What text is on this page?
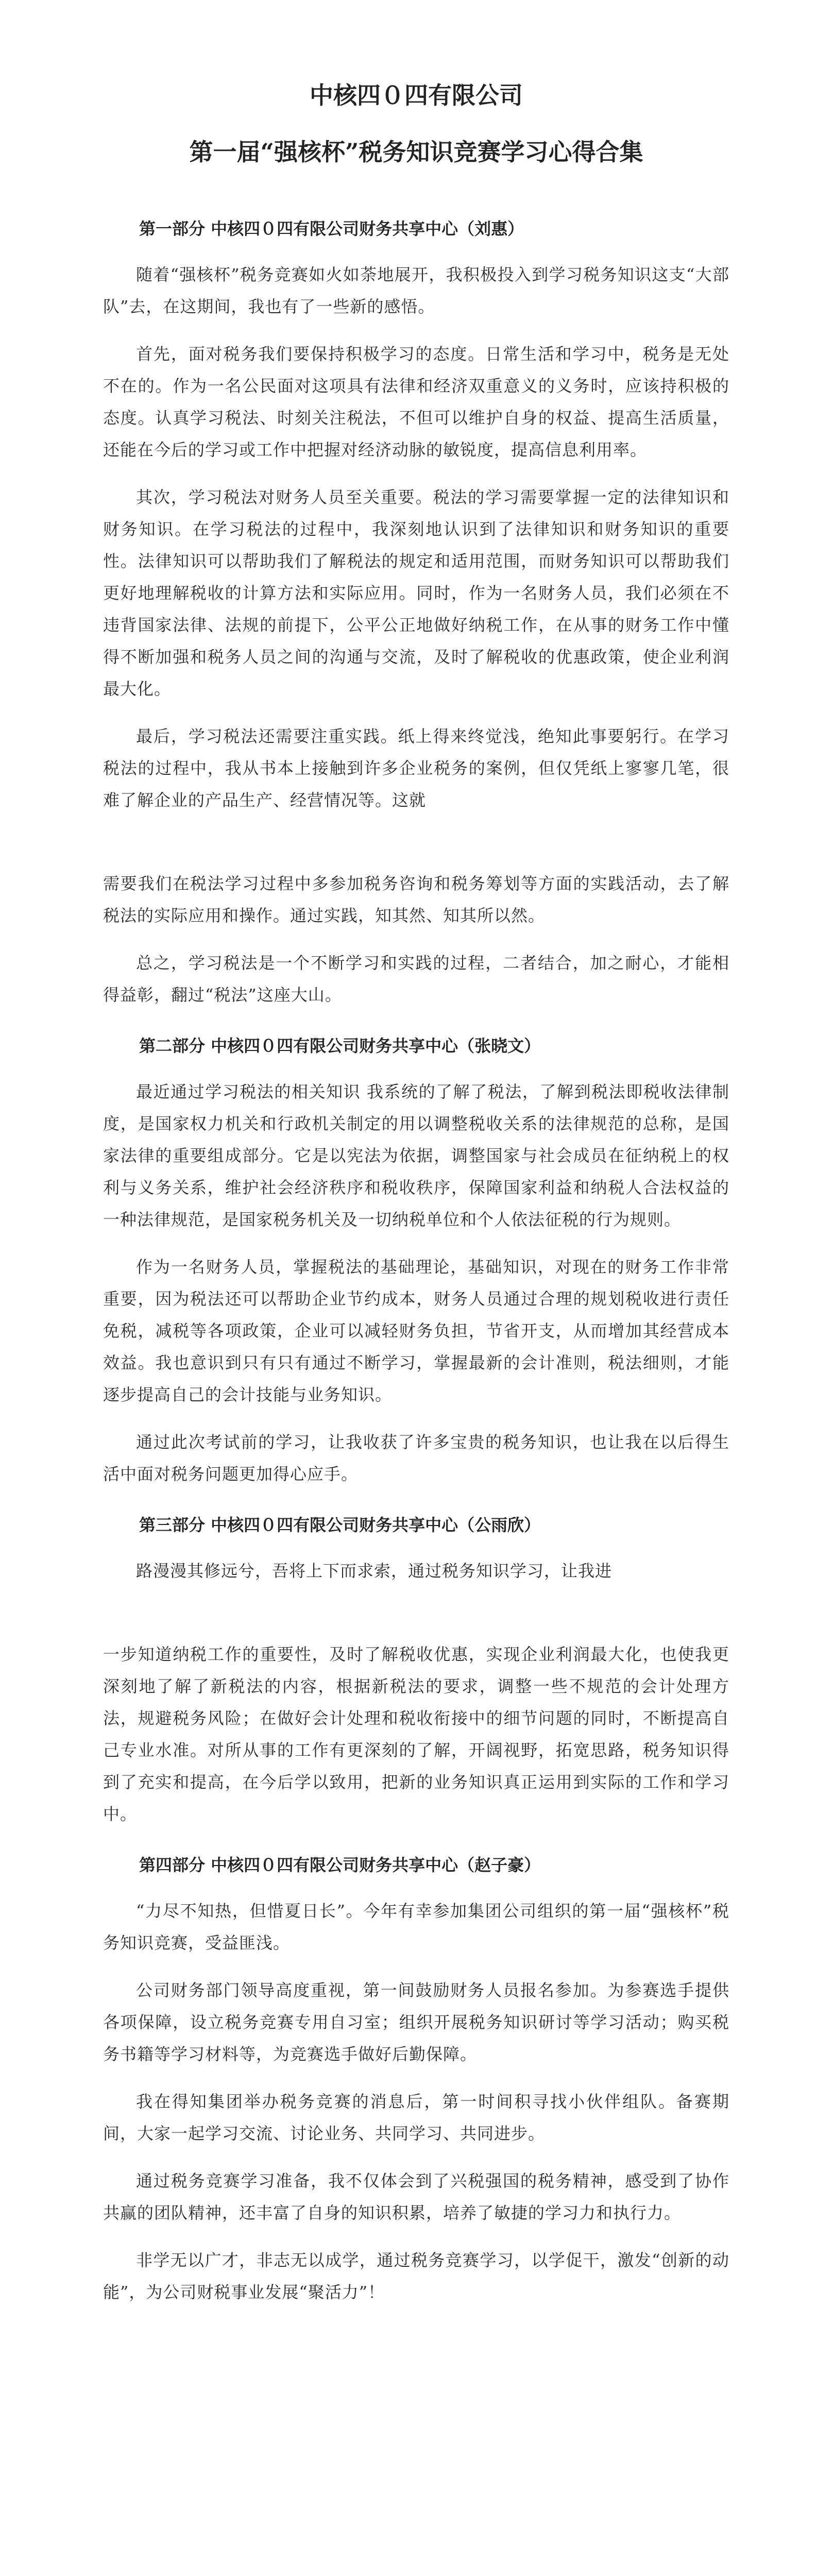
中核四０四有限公司
第一届“强核杯”税务知识竞赛学习心得合集
第一部分 中核四０四有限公司财务共享中心（刘惠）

随着“强核杯”税务竞赛如火如荼地展开，我积极投入到学习税务知识这支“大部队”去，在这期间，我也有了一些新的感悟。

首先，面对税务我们要保持积极学习的态度。日常生活和学习中，税务是无处不在的。作为一名公民面对这项具有法律和经济双重意义的义务时，应该持积极的态度。认真学习税法、时刻关注税法，不但可以维护自身的权益、提高生活质量，还能在今后的学习或工作中把握对经济动脉的敏锐度，提高信息利用率。

其次，学习税法对财务人员至关重要。税法的学习需要掌握一定的法律知识和财务知识。在学习税法的过程中，我深刻地认识到了法律知识和财务知识的重要性。法律知识可以帮助我们了解税法的规定和适用范围，而财务知识可以帮助我们更好地理解税收的计算方法和实际应用。同时，作为一名财务人员，我们必须在不违背国家法律、法规的前提下，公平公正地做好纳税工作，在从事的财务工作中懂得不断加强和税务人员之间的沟通与交流，及时了解税收的优惠政策，使企业利润最大化。

最后，学习税法还需要注重实践。纸上得来终觉浅，绝知此事要躬行。在学习税法的过程中，我从书本上接触到许多企业税务的案例，但仅凭纸上寥寥几笔，很难了解企业的产品生产、经营情况等。这就

需要我们在税法学习过程中多参加税务咨询和税务筹划等方面的实践活动，去了解税法的实际应用和操作。通过实践，知其然、知其所以然。

总之，学习税法是一个不断学习和实践的过程，二者结合，加之耐心，才能相得益彰，翻过“税法”这座大山。

第二部分 中核四０四有限公司财务共享中心（张晓文）

最近通过学习税法的相关知识 我系统的了解了税法，了解到税法即税收法律制度，是国家权力机关和行政机关制定的用以调整税收关系的法律规范的总称，是国家法律的重要组成部分。它是以宪法为依据，调整国家与社会成员在征纳税上的权利与义务关系，维护社会经济秩序和税收秩序，保障国家利益和纳税人合法权益的一种法律规范，是国家税务机关及一切纳税单位和个人依法征税的行为规则。

作为一名财务人员，掌握税法的基础理论，基础知识，对现在的财务工作非常重要，因为税法还可以帮助企业节约成本，财务人员通过合理的规划税收进行责任免税，减税等各项政策，企业可以减轻财务负担，节省开支，从而增加其经营成本效益。我也意识到只有只有通过不断学习，掌握最新的会计准则，税法细则，才能逐步提高自己的会计技能与业务知识。

通过此次考试前的学习，让我收获了许多宝贵的税务知识，也让我在以后得生活中面对税务问题更加得心应手。

第三部分 中核四０四有限公司财务共享中心（公雨欣）

路漫漫其修远兮，吾将上下而求索，通过税务知识学习，让我进

一步知道纳税工作的重要性，及时了解税收优惠，实现企业利润最大化，也使我更深刻地了解了新税法的内容，根据新税法的要求，调整一些不规范的会计处理方法，规避税务风险；在做好会计处理和税收衔接中的细节问题的同时，不断提高自己专业水准。对所从事的工作有更深刻的了解，开阔视野，拓宽思路，税务知识得到了充实和提高，在今后学以致用，把新的业务知识真正运用到实际的工作和学习中。

第四部分 中核四０四有限公司财务共享中心（赵子豪）

“力尽不知热，但惜夏日长”。今年有幸参加集团公司组织的第一届“强核杯”税务知识竞赛，受益匪浅。

公司财务部门领导高度重视，第一间鼓励财务人员报名参加。为参赛选手提供各项保障，设立税务竞赛专用自习室；组织开展税务知识研讨等学习活动；购买税务书籍等学习材料等，为竞赛选手做好后勤保障。

我在得知集团举办税务竞赛的消息后，第一时间积寻找小伙伴组队。备赛期间，大家一起学习交流、讨论业务、共同学习、共同进步。

通过税务竞赛学习准备，我不仅体会到了兴税强国的税务精神，感受到了协作共赢的团队精神，还丰富了自身的知识积累，培养了敏捷的学习力和执行力。

非学无以广才，非志无以成学，通过税务竞赛学习，以学促干，激发“创新的动能”，为公司财税事业发展“聚活力”！
